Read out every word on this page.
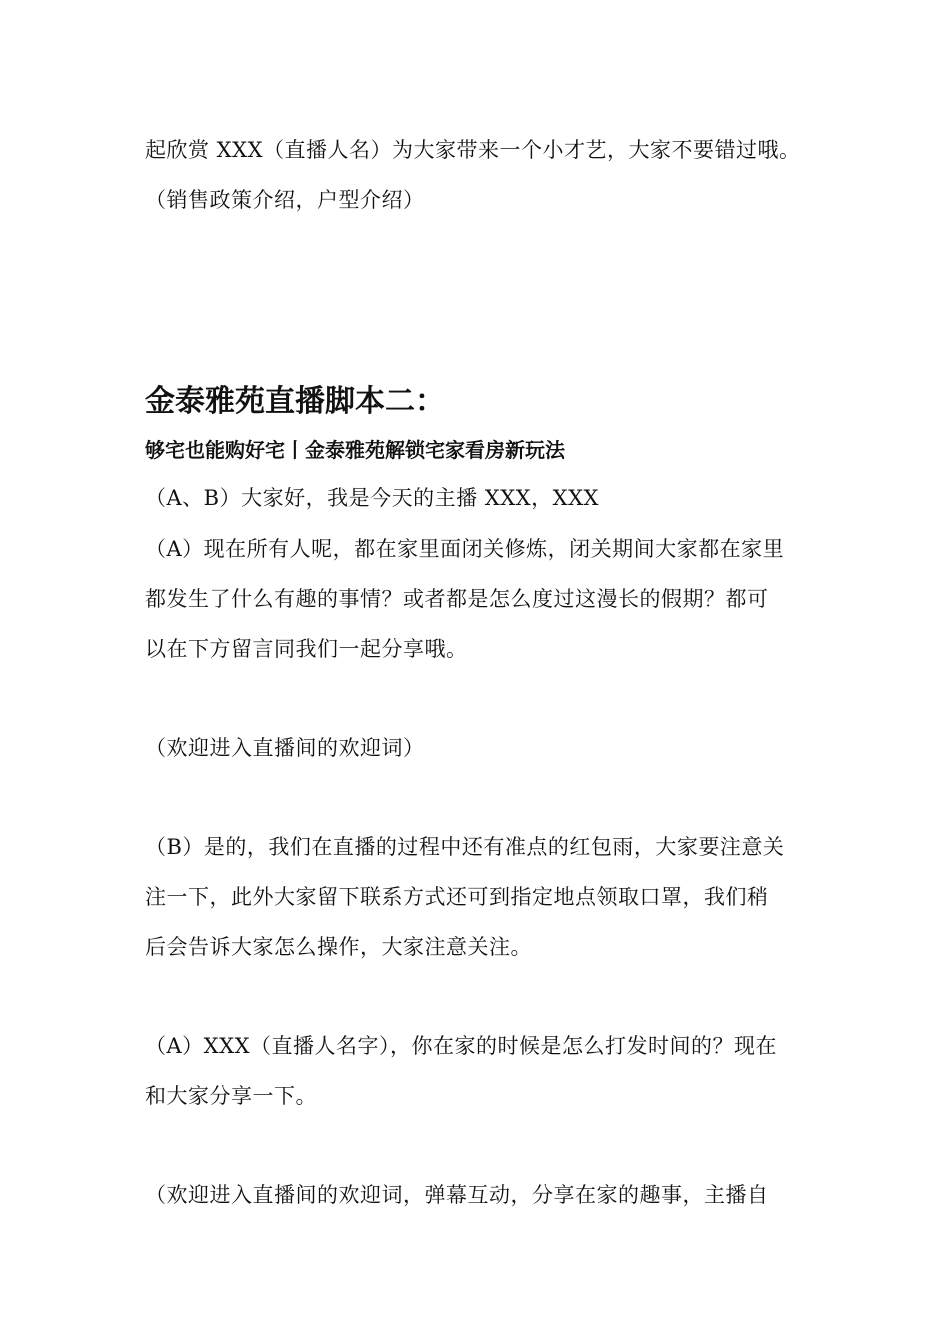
起欣赏 XXX（直播人名）为大家带来一个小才艺，大家不要错过哦。
（销售政策介绍，户型介绍）
金泰雅苑直播脚本二：
够宅也能购好宅丨金泰雅苑解锁宅家看房新玩法
（A、B）大家好，我是今天的主播 XXX，XXX
（A）现在所有人呢，都在家里面闭关修炼，闭关期间大家都在家里
都发生了什么有趣的事情？或者都是怎么度过这漫长的假期？都可
以在下方留言同我们一起分享哦。
（欢迎进入直播间的欢迎词）
（B）是的，我们在直播的过程中还有准点的红包雨，大家要注意关
注一下，此外大家留下联系方式还可到指定地点领取口罩，我们稍
后会告诉大家怎么操作，大家注意关注。
（A）XXX（直播人名字），你在家的时候是怎么打发时间的？现在
和大家分享一下。
（欢迎进入直播间的欢迎词，弹幕互动，分享在家的趣事，主播自
